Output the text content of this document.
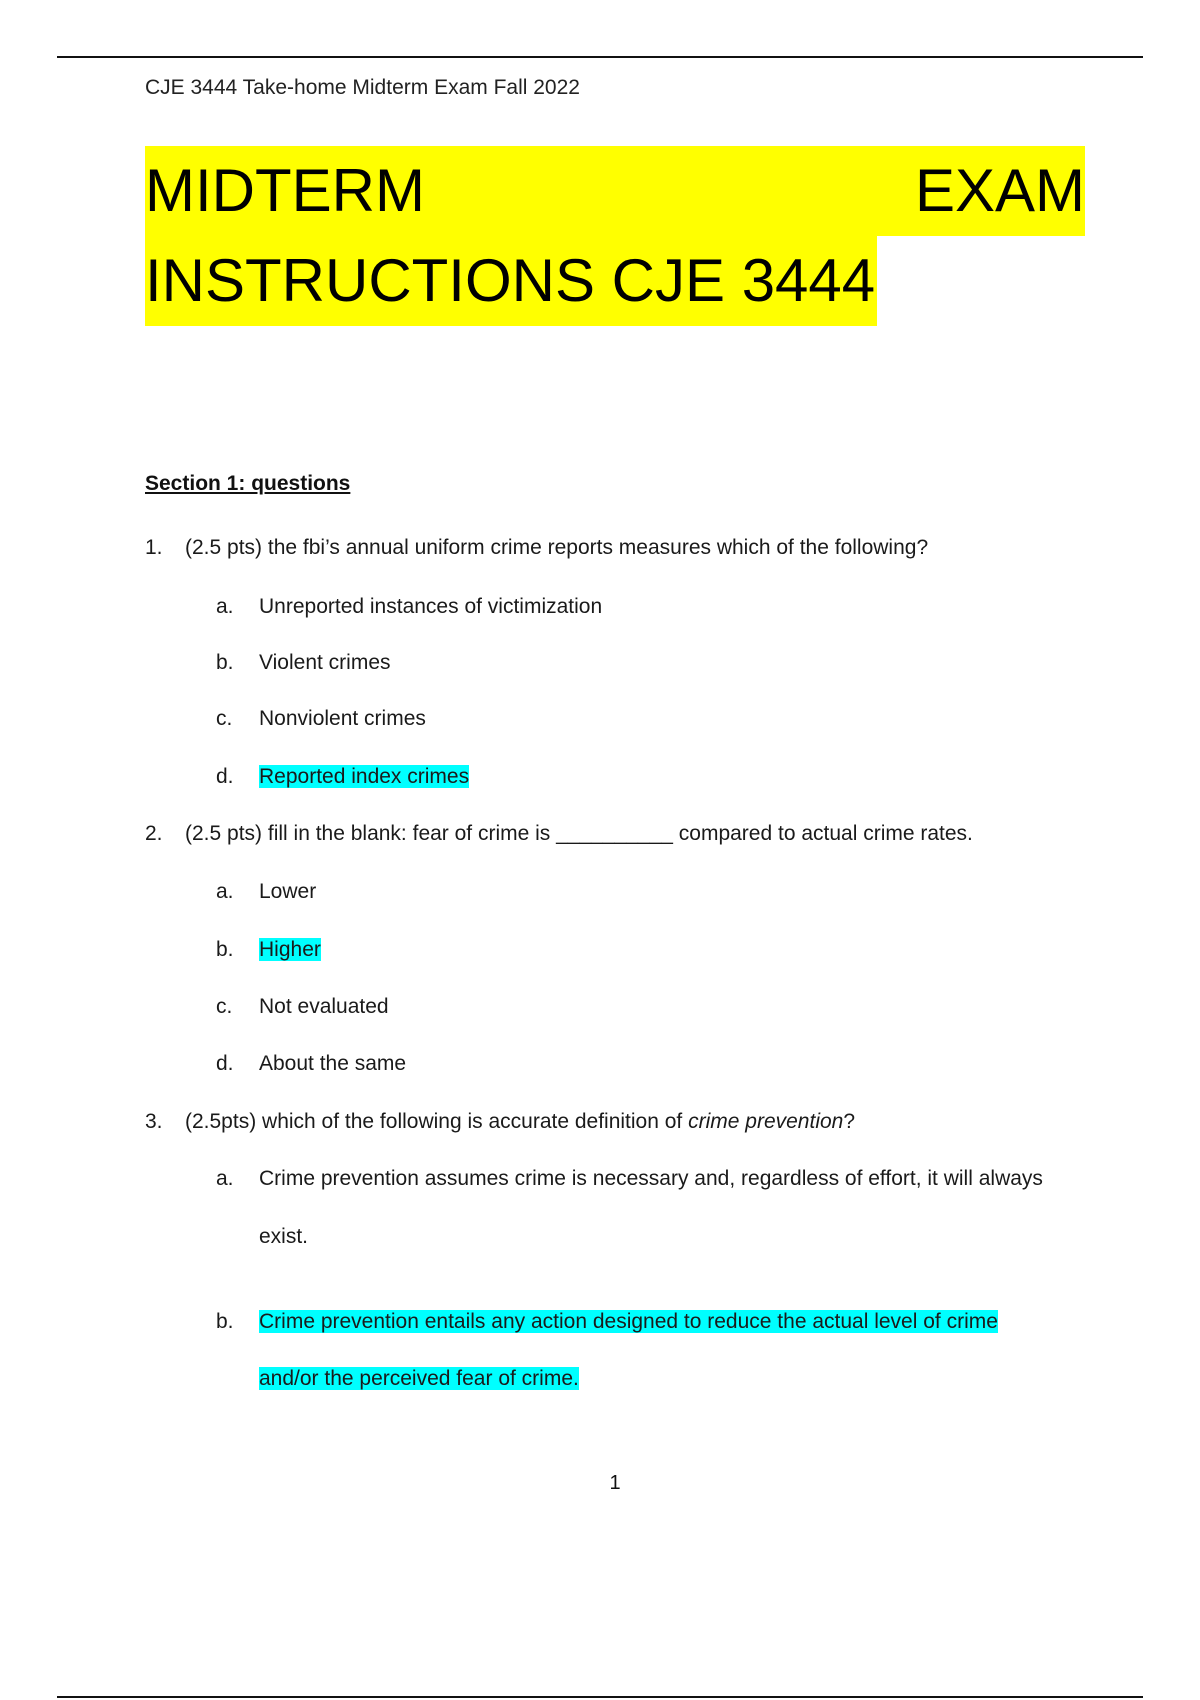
CJE 3444 Take-home Midterm Exam Fall 2022
MIDTERM	EXAM
INSTRUCTIONS CJE 3444
Section 1: questions
1. (2.5 pts) the fbi’s annual uniform crime reports measures which of the following?
a. Unreported instances of victimization
b. Violent crimes
c. Nonviolent crimes
d. Reported index crimes
2. (2.5 pts) fill in the blank: fear of crime is __________ compared to actual crime rates.
a. Lower
b. Higher
c. Not evaluated
d. About the same
3. (2.5pts) which of the following is accurate definition of crime prevention?
a. Crime prevention assumes crime is necessary and, regardless of effort, it will always
exist.
b. Crime prevention entails any action designed to reduce the actual level of crime
and/or the perceived fear of crime.
1
